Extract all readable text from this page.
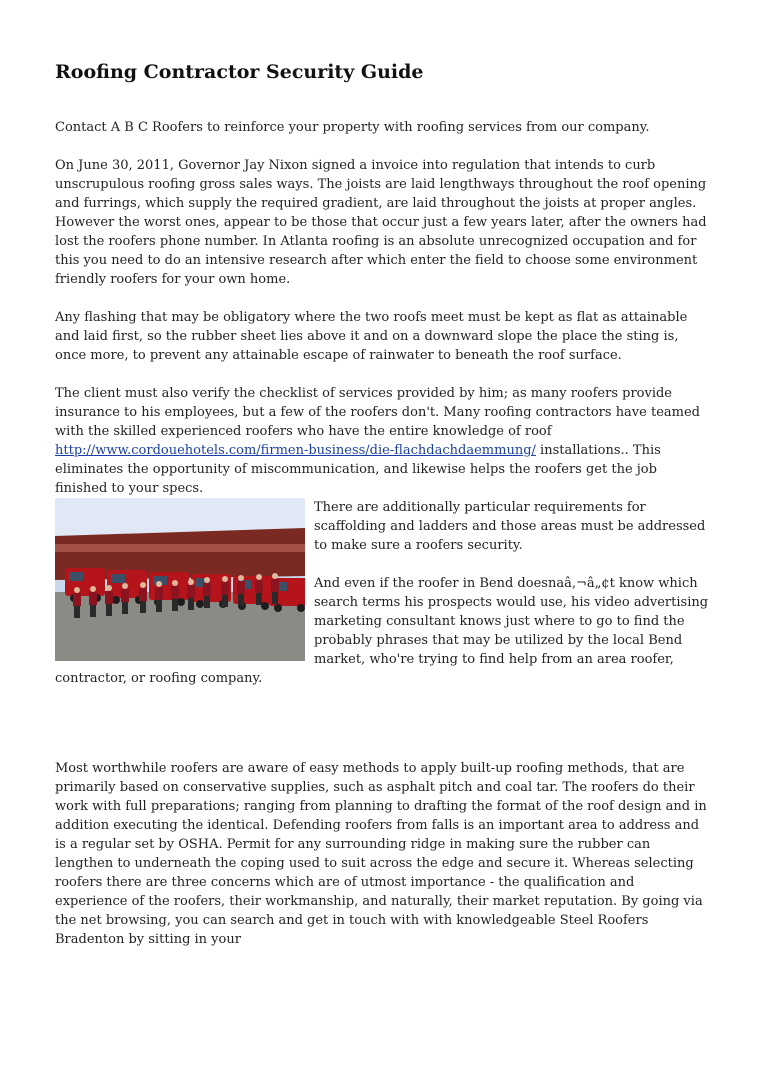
Roofing Contractor Security Guide

Contact A B C Roofers to reinforce your property with roofing services from our company.

On June 30, 2011, Governor Jay Nixon signed a invoice into regulation that intends to curb unscrupulous roofing gross sales ways. The joists are laid lengthways throughout the roof opening and furrings, which supply the required gradient, are laid throughout the joists at proper angles. However the worst ones, appear to be those that occur just a few years later, after the owners had lost the roofers phone number. In Atlanta roofing is an absolute unrecognized occupation and for this you need to do an intensive research after which enter the field to choose some environment friendly roofers for your own home.

Any flashing that may be obligatory where the two roofs meet must be kept as flat as attainable and laid first, so the rubber sheet lies above it and on a downward slope the place the sting is, once more, to prevent any attainable escape of rainwater to beneath the roof surface.

The client must also verify the checklist of services provided by him; as many roofers provide insurance to his employees, but a few of the roofers don't. Many roofing contractors have teamed with the skilled experienced roofers who have the entire knowledge of roof http://www.cordouehotels.com/firmen-business/die-flachdachdaemmung/ installations.. This eliminates the opportunity of miscommunication, and likewise helps the roofers get the job finished to your specs.

There are additionally particular requirements for scaffolding and ladders and those areas must be addressed to make sure a roofers security.

And even if the roofer in Bend doesnaâ‚¬â„¢t know which search terms his prospects would use, his video advertising marketing consultant knows just where to go to find the probably phrases that may be utilized by the local Bend market, who're trying to find help from an area roofer, contractor, or roofing company.

Most worthwhile roofers are aware of easy methods to apply built-up roofing methods, that are primarily based on conservative supplies, such as asphalt pitch and coal tar. The roofers do their work with full preparations; ranging from planning to drafting the format of the roof design and in addition executing the identical. Defending roofers from falls is an important area to address and is a regular set by OSHA. Permit for any surrounding ridge in making sure the rubber can lengthen to underneath the coping used to suit across the edge and secure it. Whereas selecting roofers there are three concerns which are of utmost importance - the qualification and experience of the roofers, their workmanship, and naturally, their market reputation. By going via the net browsing, you can search and get in touch with with knowledgeable Steel Roofers Bradenton by sitting in your
